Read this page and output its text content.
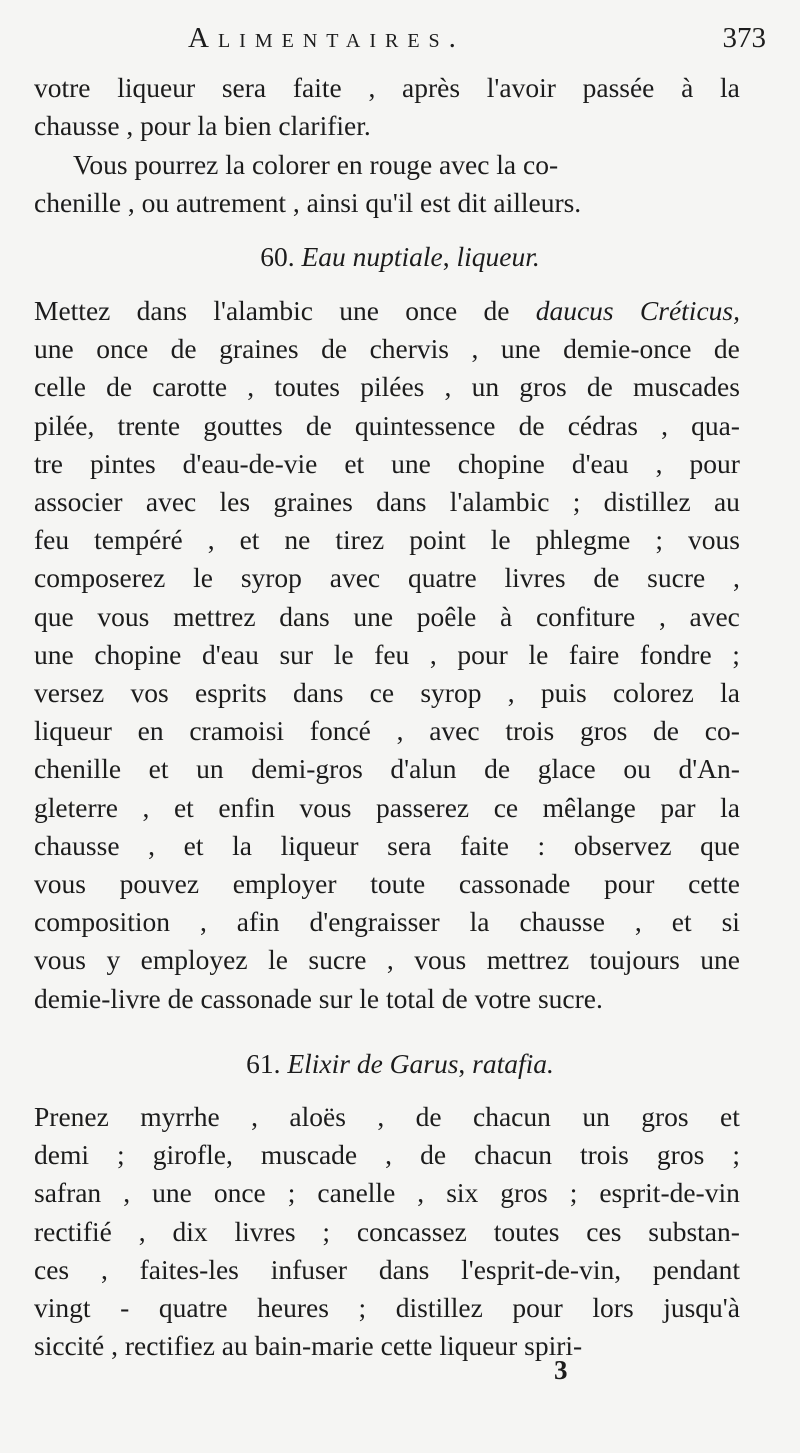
Alimentaires.	373
votre liqueur sera faite , après l'avoir passée à la
chausse , pour la bien clarifier.
Vous pourrez la colorer en rouge avec la co-
chenille , ou autrement , ainsi qu'il est dit ailleurs.
60. Eau nuptiale, liqueur.
Mettez dans l'alambic une once de daucus Créticus,
une once de graines de chervis , une demie-once de
celle de carotte , toutes pilées , un gros de muscades
pilée, trente gouttes de quintessence de cédras , qua-
tre pintes d'eau-de-vie et une chopine d'eau , pour
associer avec les graines dans l'alambic ; distillez au
feu tempéré , et ne tirez point le phlegme ; vous
composerez le syrop avec quatre livres de sucre ,
que vous mettrez dans une poêle à confiture , avec
une chopine d'eau sur le feu , pour le faire fondre ;
versez vos esprits dans ce syrop , puis colorez la
liqueur en cramoisi foncé , avec trois gros de co-
chenille et un demi-gros d'alun de glace ou d'An-
gleterre , et enfin vous passerez ce mêlange par la
chausse , et la liqueur sera faite : observez que
vous pouvez employer toute cassonade pour cette
composition , afin d'engraisser la chausse , et si
vous y employez le sucre , vous mettrez toujours une
demie-livre de cassonade sur le total de votre sucre.
61. Elixir de Garus, ratafia.
Prenez myrrhe , aloës , de chacun un gros et
demi ; girofle, muscade , de chacun trois gros ;
safran , une once ; canelle , six gros ; esprit-de-vin
rectifié , dix livres ; concassez toutes ces substan-
ces , faites-les infuser dans l'esprit-de-vin, pendant
vingt - quatre heures ; distillez pour lors jusqu'à
siccité , rectifiez au bain-marie cette liqueur spiri-
3
